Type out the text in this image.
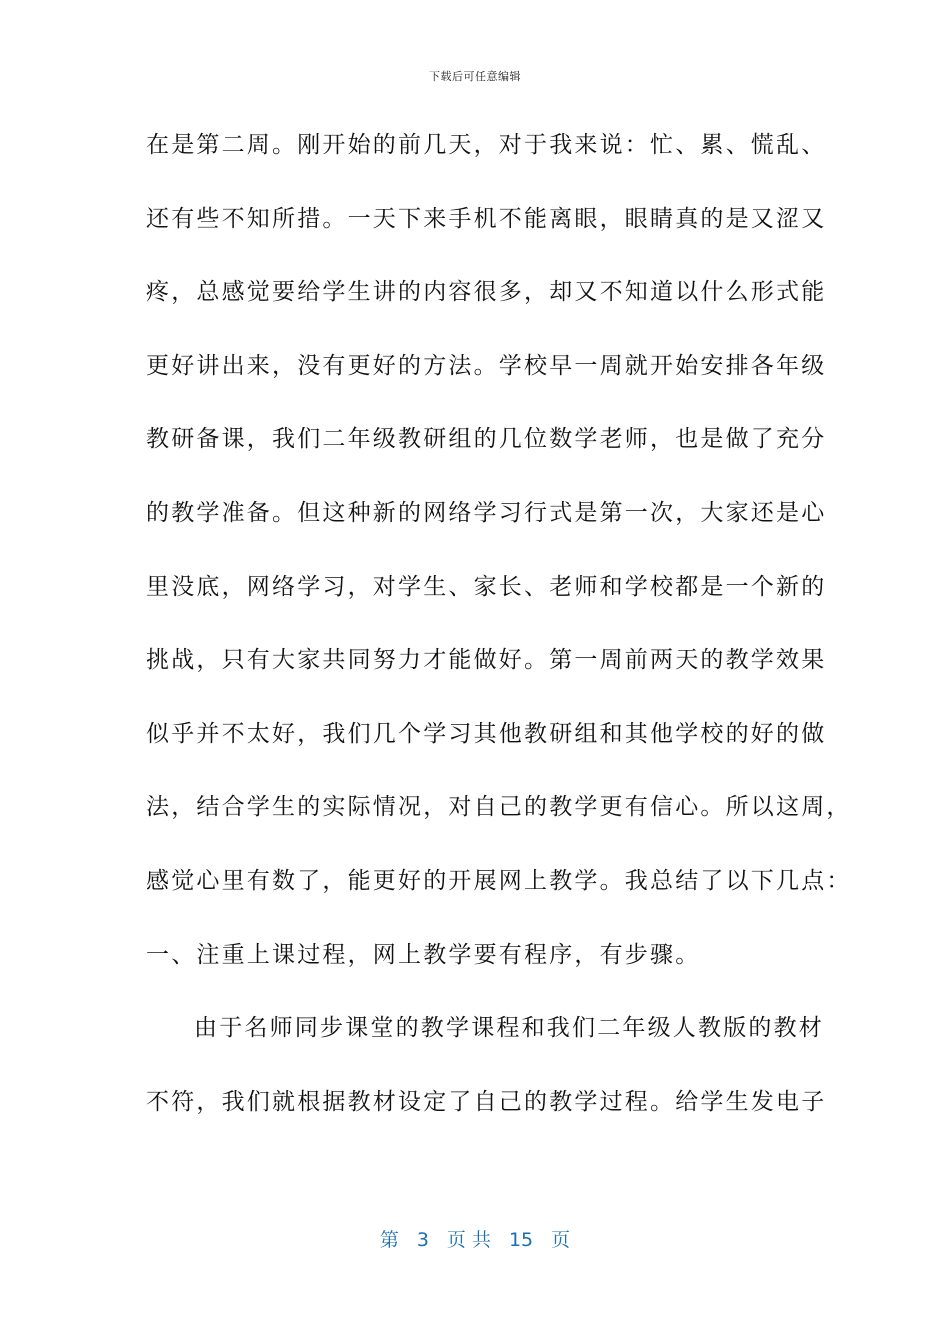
下载后可任意编辑
在是第二周。刚开始的前几天，对于我来说：忙、累、慌乱、
还有些不知所措。一天下来手机不能离眼，眼睛真的是又涩又
疼，总感觉要给学生讲的内容很多，却又不知道以什么形式能
更好讲出来，没有更好的方法。学校早一周就开始安排各年级
教研备课，我们二年级教研组的几位数学老师，也是做了充分
的教学准备。但这种新的网络学习行式是第一次，大家还是心
里没底，网络学习，对学生、家长、老师和学校都是一个新的
挑战，只有大家共同努力才能做好。第一周前两天的教学效果
似乎并不太好，我们几个学习其他教研组和其他学校的好的做
法，结合学生的实际情况，对自己的教学更有信心。所以这周，
感觉心里有数了，能更好的开展网上教学。我总结了以下几点：
一、注重上课过程，网上教学要有程序，有步骤。
由于名师同步课堂的教学课程和我们二年级人教版的教材
不符，我们就根据教材设定了自己的教学过程。给学生发电子
第 3 页 共 15 页
